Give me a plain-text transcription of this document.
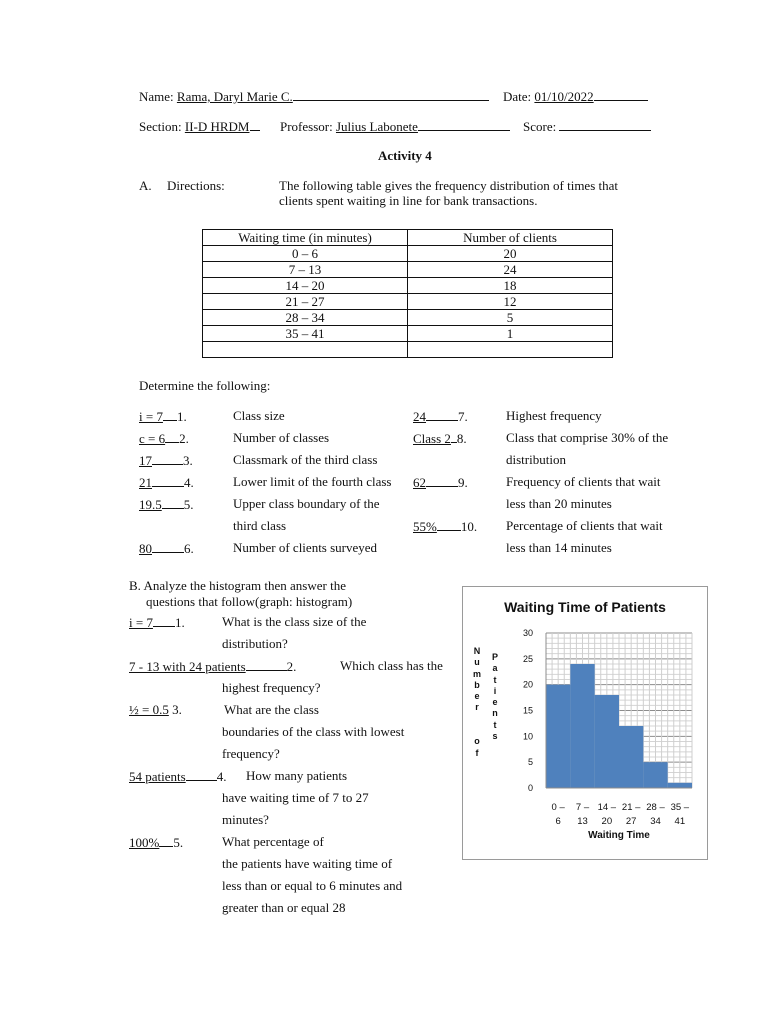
Name: Rama, Daryl Marie C.	Date: 01/10/2022
Section: II-D HRDM	Professor: Julius Labonete	Score:
Activity 4
A. Directions:	The following table gives the frequency distribution of times that
clients spent waiting in line for bank transactions.
Waiting time (in minutes)	Number of clients
0 – 6	20
7 – 13	24
14 – 20	18
21 – 27	12
28 – 34	5
35 – 41	1

Determine the following:
i = 7 1.	Class size
c = 6 2.	Number of classes
17 3.	Classmark of the third class
21 4.	Lower limit of the fourth class
19.5 5.	Upper class boundary of the
third class
80 6.	Number of clients surveyed
24 7.	Highest frequency
Class 2 8.	Class that comprise 30% of the
distribution
62 9.	Frequency of clients that wait
less than 20 minutes
55% 10. Percentage of clients that wait
less than 14 minutes
B. Analyze the histogram then answer the
questions that follow(graph: histogram)
i = 7 1.	What is the class size of the
distribution?
7 - 13 with 24 patients	2.	Which class has the
highest frequency?
½ = 0.5 3.	What are the class
boundaries of the class with lowest
frequency?
54 patients 4. How many patients
have waiting time of 7 to 27
minutes?
100% 5.	What percentage of
the patients have waiting time of
less than or equal to 6 minutes and
greater than or equal 28
Waiting Time of Patients
N
u
m
b
e
r

o
f
P
a
t
i
e
n
t
s
0
5
10
15
20
25
30
0 –
6
7 –
13
14 –
20
21 –
27
28 –
34
35 –
41
Waiting Time
